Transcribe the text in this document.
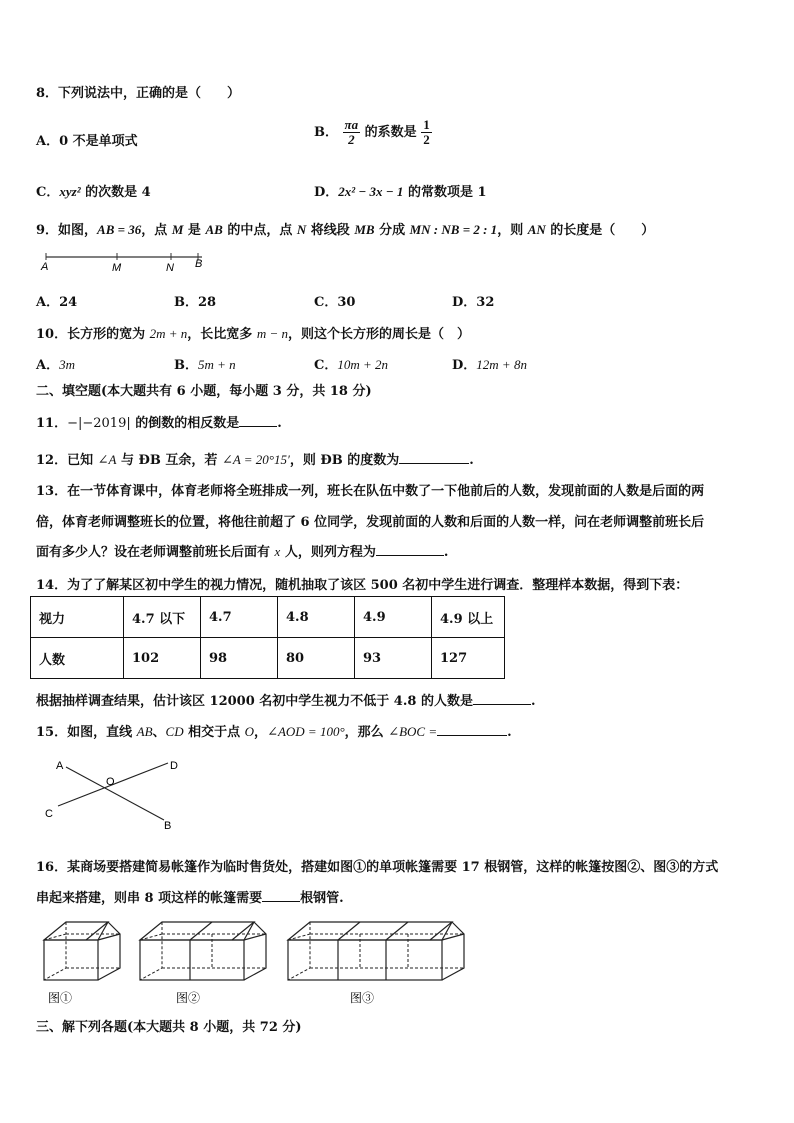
8．下列说法中，正确的是（　　）
A．0 不是单项式
B． $\frac{\pi a}{2}$ 的系数是 $\frac{1}{2}$
C．xyz² 的次数是 4	D．2x² − 3x − 1 的常数项是 1
9．如图，AB = 36，点 M 是 AB 的中点，点 N 将线段 MB 分成 MN : NB = 2 : 1，则 AN 的长度是（　　）
A	M	N B
A．24	B．28	C．30	D．32
10．长方形的宽为 2m + n，长比宽多 m − n，则这个长方形的周长是（　）
A．3m	B．5m + n	C．10m + 2n	D．12m + 8n
二、填空题(本大题共有 6 小题，每小题 3 分，共 18 分)
11．−|−2019| 的倒数的相反数是	.
12．已知 ∠A 与 ĐB 互余，若 ∠A = 20°15′，则 ĐB 的度数为	.
13．在一节体育课中，体育老师将全班排成一列，班长在队伍中数了一下他前后的人数，发现前面的人数是后面的两
倍，体育老师调整班长的位置，将他往前超了 6 位同学，发现前面的人数和后面的人数一样，问在老师调整前班长后
面有多少人？设在老师调整前班长后面有 x 人，则列方程为	.
14．为了了解某区初中学生的视力情况，随机抽取了该区 500 名初中学生进行调查．整理样本数据，得到下表：
视力	4.7 以下	4.7	4.8	4.9	4.9 以上
人数	102	98	80	93	127
根据抽样调查结果，估计该区 12000 名初中学生视力不低于 4.8 的人数是	.
15．如图，直线 AB、CD 相交于点 O，∠AOD = 100°，那么 ∠BOC =	.
A
O
D
C
B
16．某商场要搭建简易帐篷作为临时售货处，搭建如图①的单项帐篷需要 17 根钢管，这样的帐篷按图②、图③的方式
串起来搭建，则串 8 项这样的帐篷需要	根钢管.
图①	图②	图③
三、解下列各题(本大题共 8 小题，共 72 分)
